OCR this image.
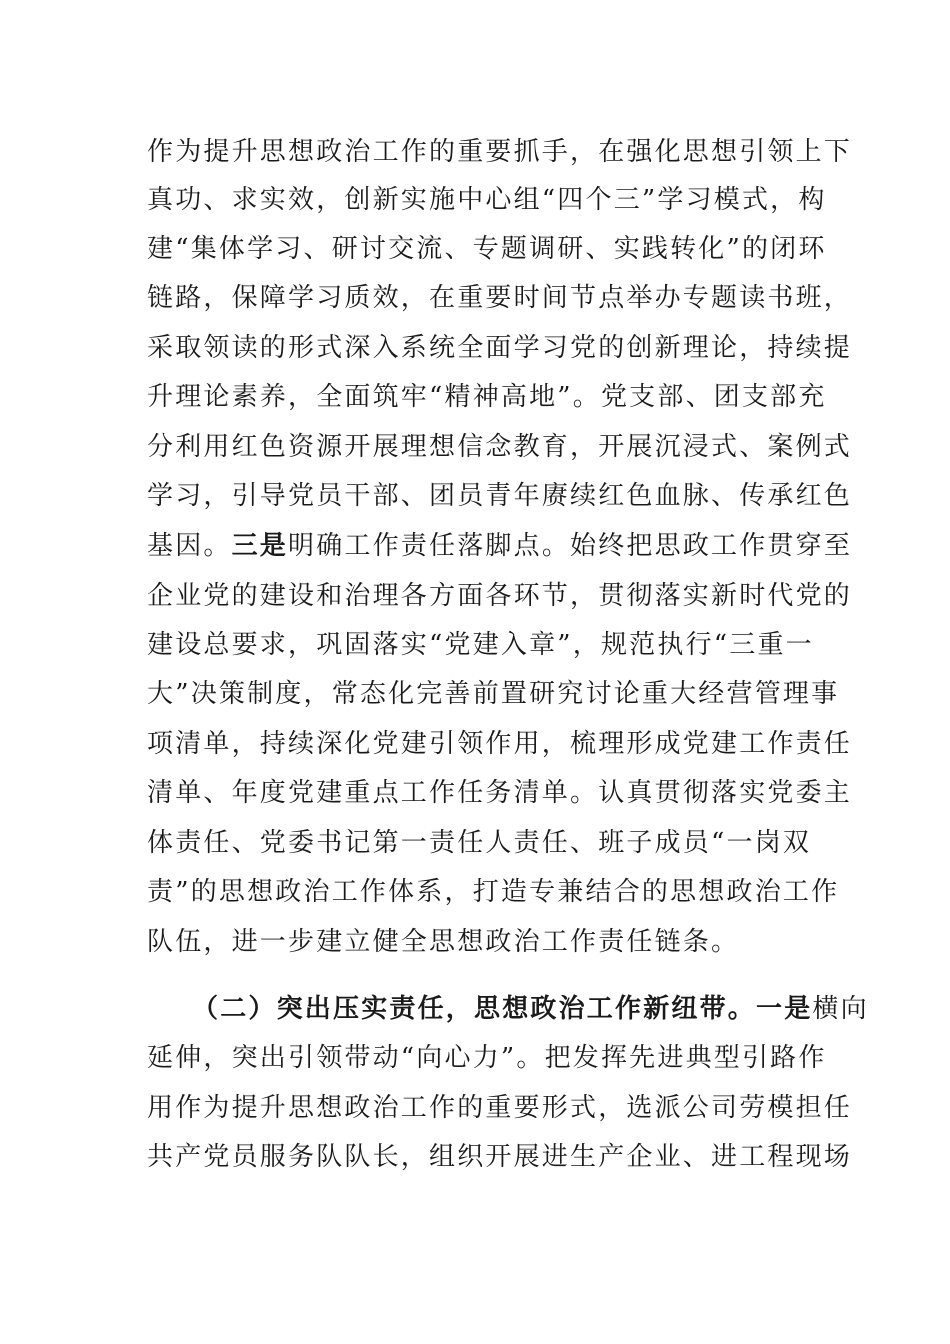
作为提升思想政治工作的重要抓手，在强化思想引领上下
真功、求实效，创新实施中心组“四个三”学习模式，构
建“集体学习、研讨交流、专题调研、实践转化”的闭环
链路，保障学习质效，在重要时间节点举办专题读书班，
采取领读的形式深入系统全面学习党的创新理论，持续提
升理论素养，全面筑牢“精神高地”。党支部、团支部充
分利用红色资源开展理想信念教育，开展沉浸式、案例式
学习，引导党员干部、团员青年赓续红色血脉、传承红色
基因。三是明确工作责任落脚点。始终把思政工作贯穿至
企业党的建设和治理各方面各环节，贯彻落实新时代党的
建设总要求，巩固落实“党建入章”，规范执行“三重一
大”决策制度，常态化完善前置研究讨论重大经营管理事
项清单，持续深化党建引领作用，梳理形成党建工作责任
清单、年度党建重点工作任务清单。认真贯彻落实党委主
体责任、党委书记第一责任人责任、班子成员“一岗双
责”的思想政治工作体系，打造专兼结合的思想政治工作
队伍，进一步建立健全思想政治工作责任链条。
（二）突出压实责任，思想政治工作新纽带。一是横向
延伸，突出引领带动“向心力”。把发挥先进典型引路作
用作为提升思想政治工作的重要形式，选派公司劳模担任
共产党员服务队队长，组织开展进生产企业、进工程现场
